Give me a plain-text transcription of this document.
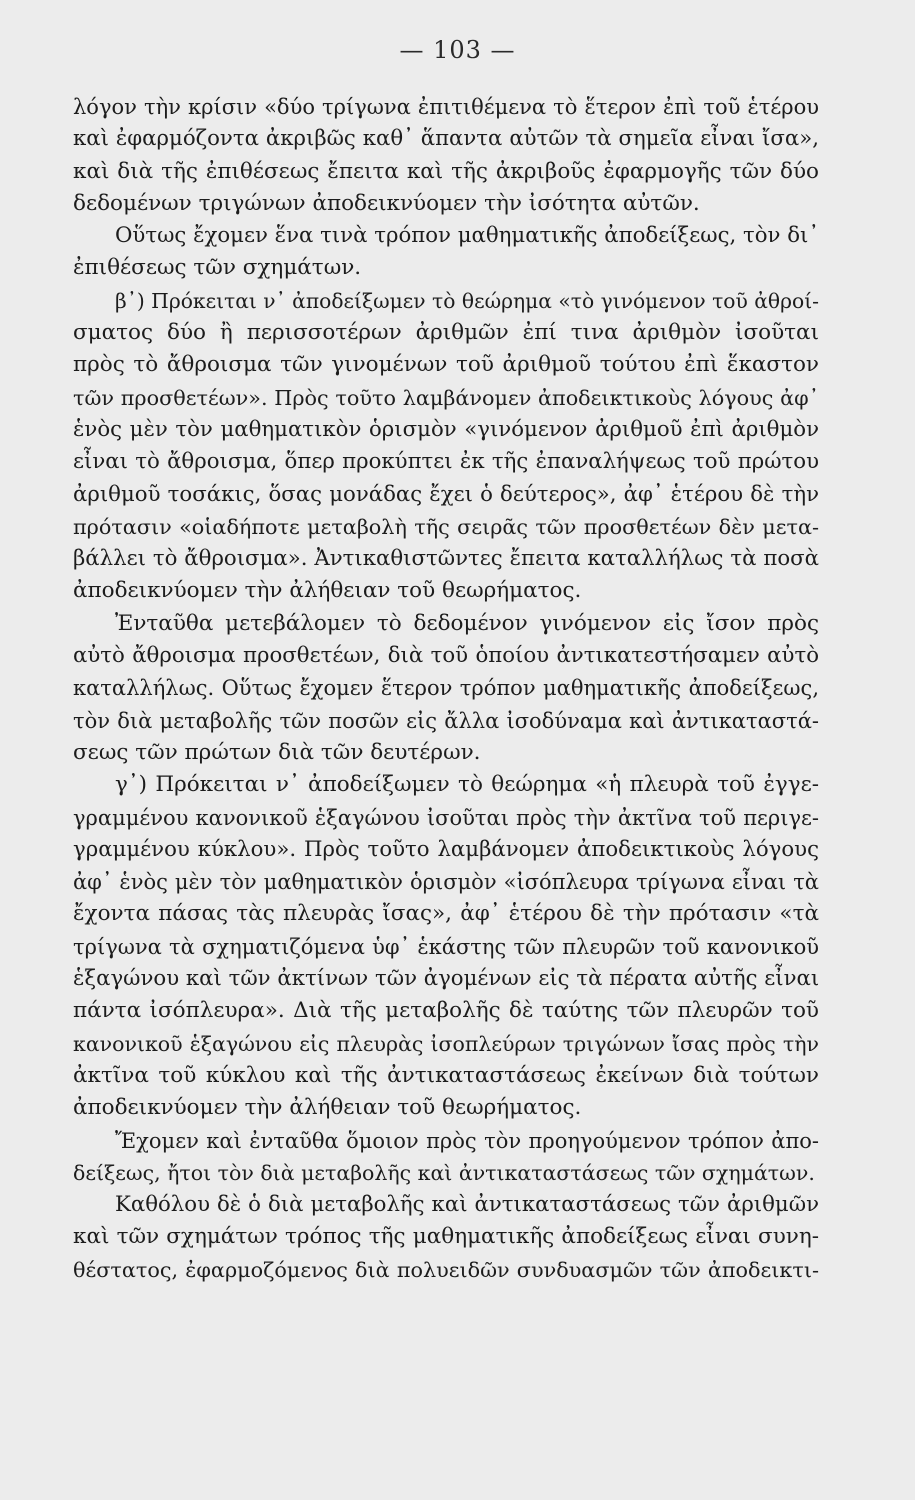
— 103 —
λόγον τὴν κρίσιν «δύο τρίγωνα ἐπιτιθέμενα τὸ ἕτερον ἐπὶ τοῦ ἑτέρου
καὶ ἐφαρμόζοντα ἀκριβῶς καθ᾿ ἅπαντα αὐτῶν τὰ σημεῖα εἶναι ἴσα»,
καὶ διὰ τῆς ἐπιθέσεως ἔπειτα καὶ τῆς ἀκριβοῦς ἐφαρμογῆς τῶν δύο
δεδομένων τριγώνων ἀποδεικνύομεν τὴν ἰσότητα αὐτῶν.
Οὕτως ἔχομεν ἕνα τινὰ τρόπον μαθηματικῆς ἀποδείξεως, τὸν δι᾿
ἐπιθέσεως τῶν σχημάτων.
β᾿) Πρόκειται ν᾿ ἀποδείξωμεν τὸ θεώρημα «τὸ γινόμενον τοῦ ἀθροί-
σματος δύο ἢ περισσοτέρων ἀριθμῶν ἐπί τινα ἀριθμὸν ἰσοῦται
πρὸς τὸ ἄθροισμα τῶν γινομένων τοῦ ἀριθμοῦ τούτου ἐπὶ ἕκαστον
τῶν προσθετέων». Πρὸς τοῦτο λαμβάνομεν ἀποδεικτικοὺς λόγους ἀφ᾿
ἑνὸς μὲν τὸν μαθηματικὸν ὁρισμὸν «γινόμενον ἀριθμοῦ ἐπὶ ἀριθμὸν
εἶναι τὸ ἄθροισμα, ὅπερ προκύπτει ἐκ τῆς ἐπαναλήψεως τοῦ πρώτου
ἀριθμοῦ τοσάκις, ὅσας μονάδας ἔχει ὁ δεύτερος», ἀφ᾿ ἑτέρου δὲ τὴν
πρότασιν «οἱαδήποτε μεταβολὴ τῆς σειρᾶς τῶν προσθετέων δὲν μετα-
βάλλει τὸ ἄθροισμα». Ἀντικαθιστῶντες ἔπειτα καταλλήλως τὰ ποσὰ
ἀποδεικνύομεν τὴν ἀλήθειαν τοῦ θεωρήματος.
Ἐνταῦθα μετεβάλομεν τὸ δεδομένον γινόμενον εἰς ἴσον πρὸς
αὐτὸ ἄθροισμα προσθετέων, διὰ τοῦ ὁποίου ἀντικατεστήσαμεν αὐτὸ
καταλλήλως. Οὕτως ἔχομεν ἕτερον τρόπον μαθηματικῆς ἀποδείξεως,
τὸν διὰ μεταβολῆς τῶν ποσῶν εἰς ἄλλα ἰσοδύναμα καὶ ἀντικαταστά-
σεως τῶν πρώτων διὰ τῶν δευτέρων.
γ᾿) Πρόκειται ν᾿ ἀποδείξωμεν τὸ θεώρημα «ἡ πλευρὰ τοῦ ἐγγε-
γραμμένου κανονικοῦ ἑξαγώνου ἰσοῦται πρὸς τὴν ἀκτῖνα τοῦ περιγε-
γραμμένου κύκλου». Πρὸς τοῦτο λαμβάνομεν ἀποδεικτικοὺς λόγους
ἀφ᾿ ἑνὸς μὲν τὸν μαθηματικὸν ὁρισμὸν «ἰσόπλευρα τρίγωνα εἶναι τὰ
ἔχοντα πάσας τὰς πλευρὰς ἴσας», ἀφ᾿ ἑτέρου δὲ τὴν πρότασιν «τὰ
τρίγωνα τὰ σχηματιζόμενα ὑφ᾿ ἑκάστης τῶν πλευρῶν τοῦ κανονικοῦ
ἑξαγώνου καὶ τῶν ἀκτίνων τῶν ἀγομένων εἰς τὰ πέρατα αὐτῆς εἶναι
πάντα ἰσόπλευρα». Διὰ τῆς μεταβολῆς δὲ ταύτης τῶν πλευρῶν τοῦ
κανονικοῦ ἑξαγώνου εἰς πλευρὰς ἰσοπλεύρων τριγώνων ἴσας πρὸς τὴν
ἀκτῖνα τοῦ κύκλου καὶ τῆς ἀντικαταστάσεως ἐκείνων διὰ τούτων
ἀποδεικνύομεν τὴν ἀλήθειαν τοῦ θεωρήματος.
Ἔχομεν καὶ ἐνταῦθα ὅμοιον πρὸς τὸν προηγούμενον τρόπον ἀπο-
δείξεως, ἤτοι τὸν διὰ μεταβολῆς καὶ ἀντικαταστάσεως τῶν σχημάτων.
Καθόλου δὲ ὁ διὰ μεταβολῆς καὶ ἀντικαταστάσεως τῶν ἀριθμῶν
καὶ τῶν σχημάτων τρόπος τῆς μαθηματικῆς ἀποδείξεως εἶναι συνη-
θέστατος, ἐφαρμοζόμενος διὰ πολυειδῶν συνδυασμῶν τῶν ἀποδεικτι-
